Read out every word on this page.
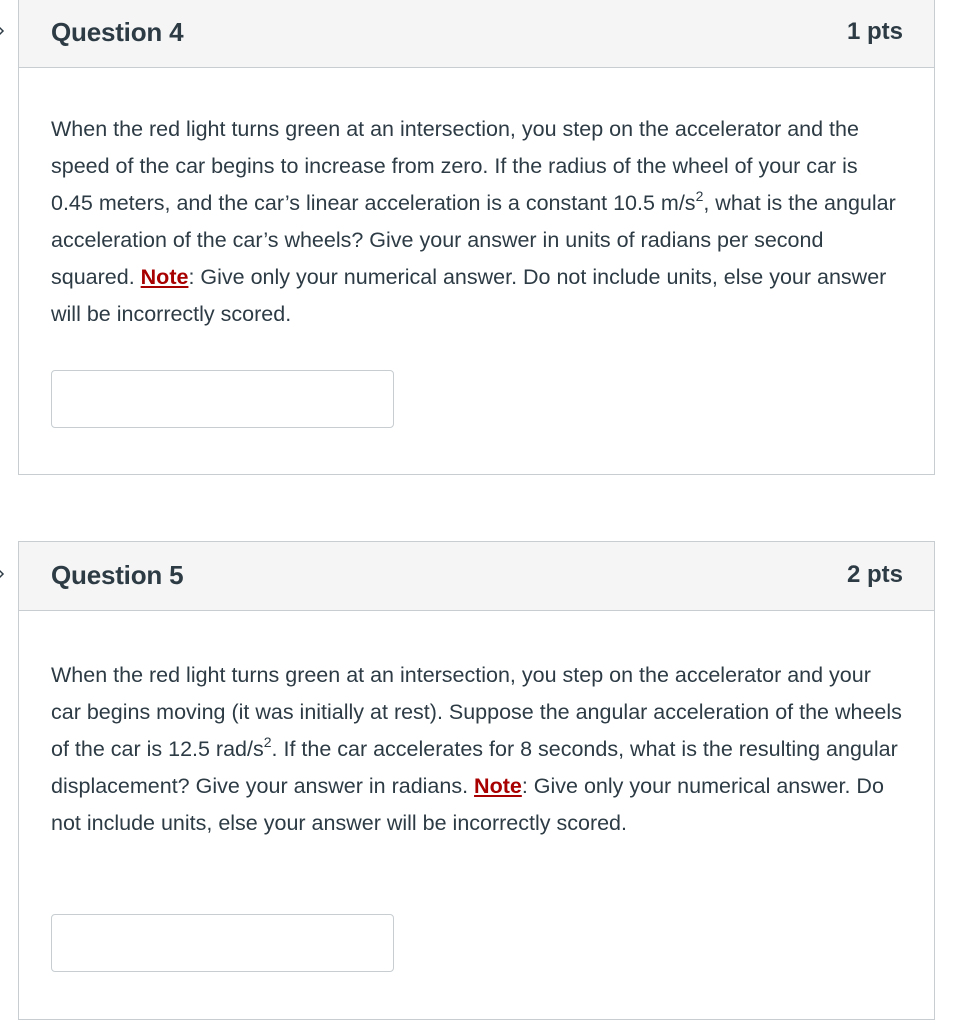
Question 4	1 pts

When the red light turns green at an intersection, you step on the accelerator and the speed of the car begins to increase from zero. If the radius of the wheel of your car is 0.45 meters, and the car’s linear acceleration is a constant 10.5 $m/s^2$, what is the angular acceleration of the car’s wheels? Give your answer in units of radians per second squared. Note: Give only your numerical answer. Do not include units, else your answer will be incorrectly scored.

Question 5	2 pts

When the red light turns green at an intersection, you step on the accelerator and your car begins moving (it was initially at rest). Suppose the angular acceleration of the wheels of the car is 12.5 rad/$s^2$. If the car accelerates for 8 seconds, what is the resulting angular displacement? Give your answer in radians. Note: Give only your numerical answer. Do not include units, else your answer will be incorrectly scored.
